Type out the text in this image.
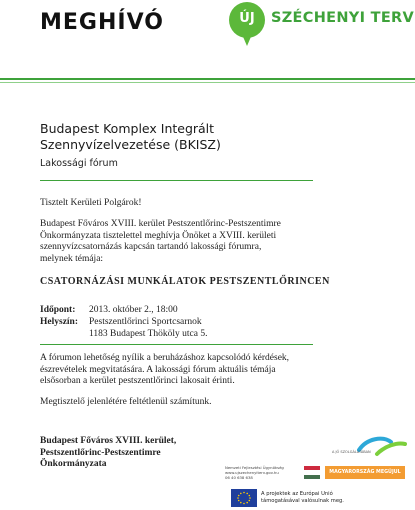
MEGHÍVÓ	ÚJ	SZÉCHENYI TERV
Budapest Komplex Integrált
Szennyvízelvezetése (BKISZ)
Lakossági fórum
Tisztelt Kerületi Polgárok!
Budapest Főváros XVIII. kerület Pestszentlőrinc-Pestszentimre
Önkormányzata tisztelettel meghívja Önöket a XVIII. kerületi
szennyvízcsatornázás kapcsán tartandó lakossági fórumra,
melynek témája:
CSATORNÁZÁSI MUNKÁLATOK PESTSZENTLŐRINCEN
Időpont: 2013. október 2., 18:00
Helyszín: Pestszentlőrinci Sportcsarnok
1183 Budapest Thököly utca 5.
A fórumon lehetőség nyílik a beruházáshoz kapcsolódó kérdések,
észrevételek megvitatására. A lakossági fórum aktuális témája
elsősorban a kerület pestszentlőrinci lakosait érinti.
Megtisztelő jelenlétére feltétlenül számítunk.
Budapest Főváros XVIII. kerület,
Pestszentlőrinc-Pestszentimre
Önkormányzata
A JÖ SZOLGÁLATÁBAN
Nemzeti Fejlesztési Ügynökség
www.ujszechenyiterv.gov.hu
06 40 638 638
MAGYARORSZÁG MEGÚJUL
A projektek az Európai Unió
támogatásával valósulnak meg.
